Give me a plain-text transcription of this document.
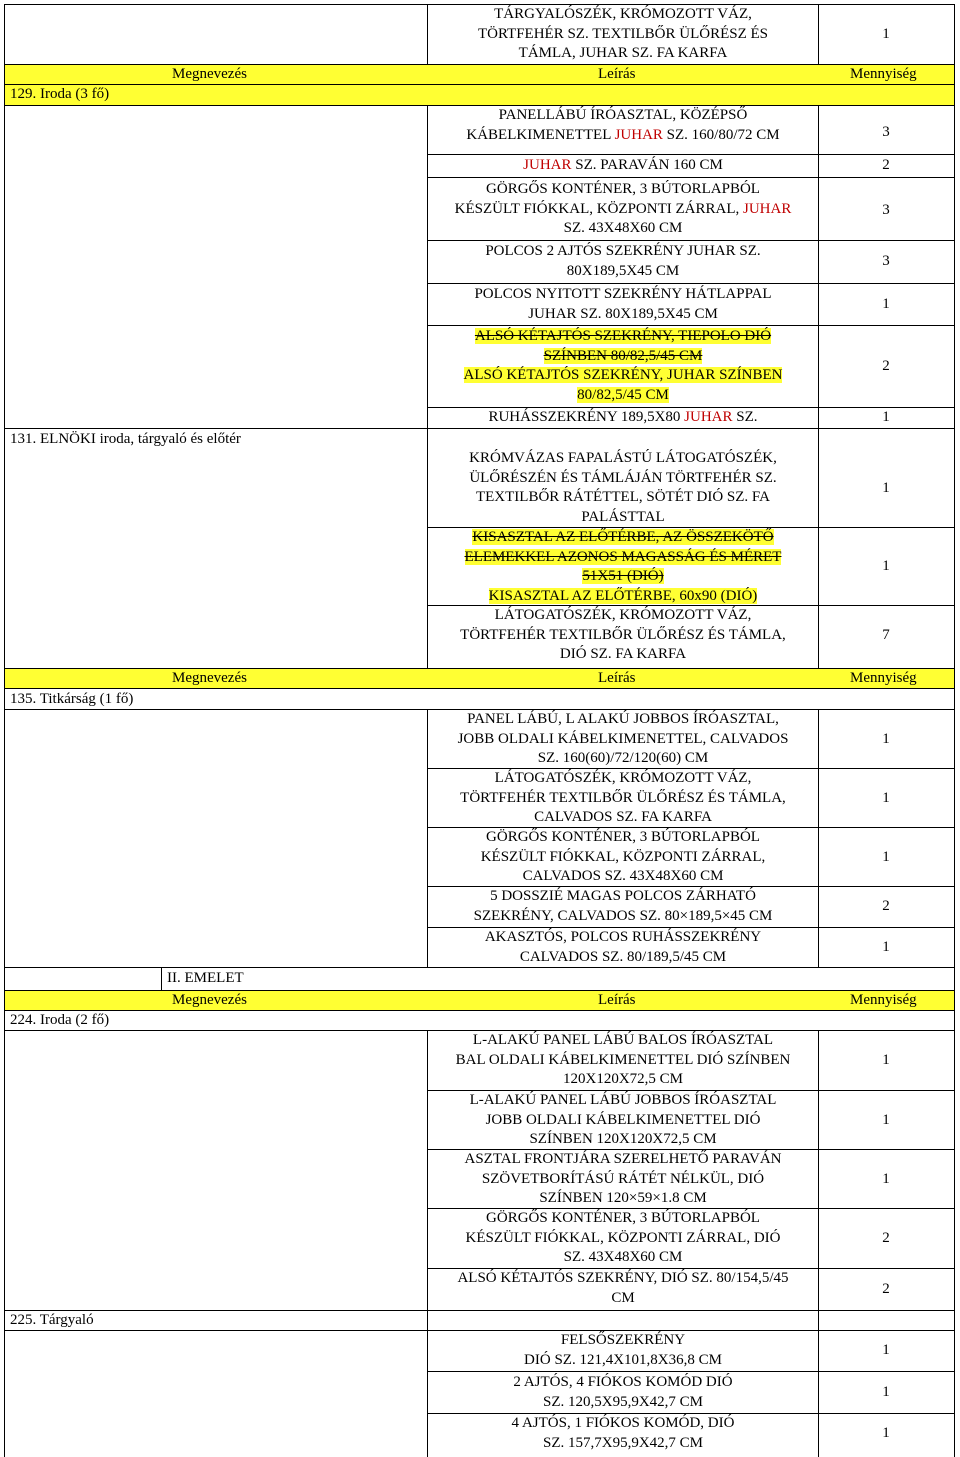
TÁRGYALÓSZÉK, KRÓMOZOTT VÁZ,
TÖRTFEHÉR SZ. TEXTILBŐR ÜLŐRÉSZ ÉS
TÁMLA, JUHAR SZ. FA KARFA
1
Megnevezés	Leírás	Mennyiség
129. Iroda (3 fő)
PANELLÁBÚ ÍRÓASZTAL, KÖZÉPSŐ
KÁBELKIMENETTEL JUHAR SZ. 160/80/72 CM	3
JUHAR SZ. PARAVÁN 160 CM	2
GÖRGŐS KONTÉNER, 3 BÚTORLAPBÓL
KÉSZÜLT FIÓKKAL, KÖZPONTI ZÁRRAL, JUHAR
SZ. 43X48X60 CM
3
POLCOS 2 AJTÓS SZEKRÉNY JUHAR SZ.
80X189,5X45 CM
3
POLCOS NYITOTT SZEKRÉNY HÁTLAPPAL
JUHAR SZ. 80X189,5X45 CM
1
ALSÓ KÉTAJTÓS SZEKRÉNY, TIEPOLO DIÓ
SZÍNBEN 80/82,5/45 CM
ALSÓ KÉTAJTÓS SZEKRÉNY, JUHAR SZÍNBEN
80/82,5/45 CM
2
RUHÁSSZEKRÉNY 189,5X80 JUHAR SZ.	1
131. ELNÖKI iroda, tárgyaló és előtér
KRÓMVÁZAS FAPALÁSTÚ LÁTOGATÓSZÉK,
ÜLŐRÉSZÉN ÉS TÁMLÁJÁN TÖRTFEHÉR SZ.
TEXTILBŐR RÁTÉTTEL, SÖTÉT DIÓ SZ. FA
PALÁSTTAL
1
KISASZTAL AZ ELŐTÉRBE, AZ ÖSSZEKÖTŐ
ELEMEKKEL AZONOS MAGASSÁG ÉS MÉRET
51X51 (DIÓ)
KISASZTAL AZ ELŐTÉRBE, 60x90 (DIÓ)
1
LÁTOGATÓSZÉK, KRÓMOZOTT VÁZ,
TÖRTFEHÉR TEXTILBŐR ÜLŐRÉSZ ÉS TÁMLA,
DIÓ SZ. FA KARFA
7
Megnevezés	Leírás	Mennyiség
135. Titkárság (1 fő)
PANEL LÁBÚ, L ALAKÚ JOBBOS ÍRÓASZTAL,
JOBB OLDALI KÁBELKIMENETTEL, CALVADOS
SZ. 160(60)/72/120(60) CM
1
LÁTOGATÓSZÉK, KRÓMOZOTT VÁZ,
TÖRTFEHÉR TEXTILBŐR ÜLŐRÉSZ ÉS TÁMLA,
CALVADOS SZ. FA KARFA
1
GÖRGŐS KONTÉNER, 3 BÚTORLAPBÓL
KÉSZÜLT FIÓKKAL, KÖZPONTI ZÁRRAL,
CALVADOS SZ. 43X48X60 CM
1
5 DOSSZIÉ MAGAS POLCOS ZÁRHATÓ
SZEKRÉNY, CALVADOS SZ. 80×189,5×45 CM
2
AKASZTÓS, POLCOS RUHÁSSZEKRÉNY
CALVADOS SZ. 80/189,5/45 CM
1
II. EMELET
Megnevezés	Leírás	Mennyiség
224. Iroda (2 fő)
L-ALAKÚ PANEL LÁBÚ BALOS ÍRÓASZTAL
BAL OLDALI KÁBELKIMENETTEL DIÓ SZÍNBEN
120X120X72,5 CM
1
L-ALAKÚ PANEL LÁBÚ JOBBOS ÍRÓASZTAL
JOBB OLDALI KÁBELKIMENETTEL DIÓ
SZÍNBEN 120X120X72,5 CM
1
ASZTAL FRONTJÁRA SZERELHETŐ PARAVÁN
SZÖVETBORÍTÁSÚ RÁTÉT NÉLKÜL, DIÓ
SZÍNBEN 120×59×1.8 CM
1
GÖRGŐS KONTÉNER, 3 BÚTORLAPBÓL
KÉSZÜLT FIÓKKAL, KÖZPONTI ZÁRRAL, DIÓ
SZ. 43X48X60 CM
2
ALSÓ KÉTAJTÓS SZEKRÉNY, DIÓ SZ. 80/154,5/45
CM
2
225. Tárgyaló
FELSŐSZEKRÉNY
DIÓ SZ. 121,4X101,8X36,8 CM
1
2 AJTÓS, 4 FIÓKOS KOMÓD DIÓ
SZ. 120,5X95,9X42,7 CM
1
4 AJTÓS, 1 FIÓKOS KOMÓD, DIÓ
SZ. 157,7X95,9X42,7 CM
1
